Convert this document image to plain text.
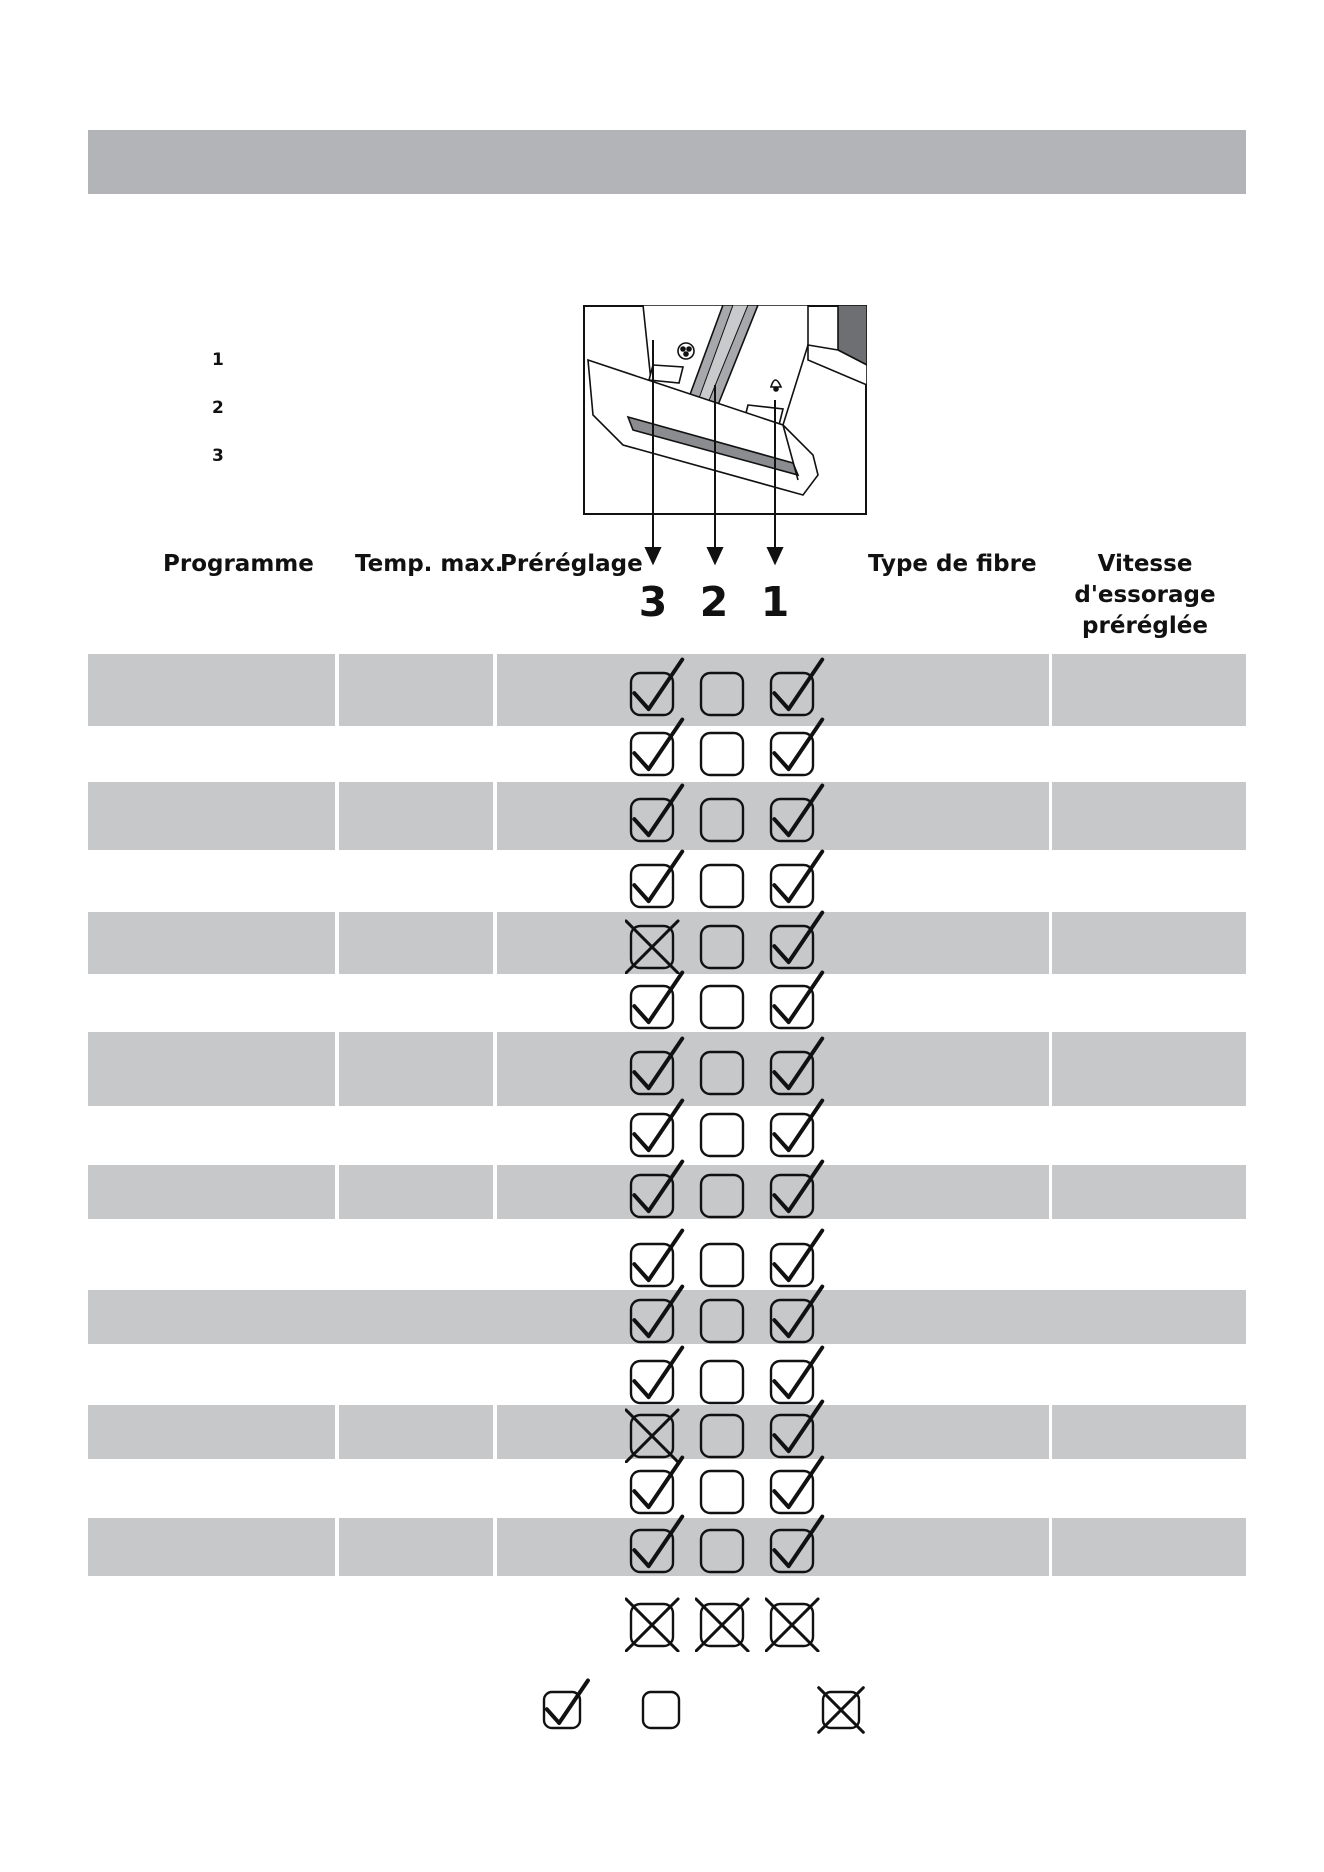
1
2
3
Programme Temp. max.
Préréglage	Type de fibre	Vitesse
d'essorage
préréglée
3 2 1
